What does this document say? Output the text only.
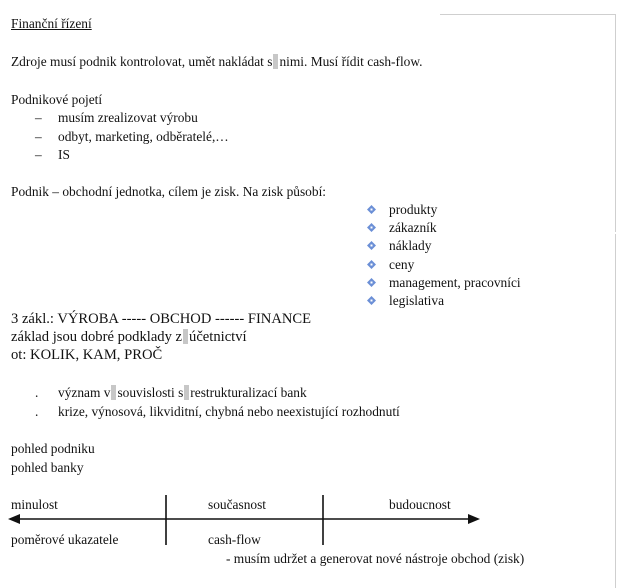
Finanční řízení
Zdroje musí podnik kontrolovat, umět nakládat s nimi. Musí řídit cash-flow.
Podnikové pojetí
– musím zrealizovat výrobu
– odbyt, marketing, odběratelé,…
– IS
Podnik – obchodní jednotka, cílem je zisk. Na zisk působí:
produkty
zákazník
náklady
ceny
management, pracovníci
legislativa
3 zákl.: VÝROBA ----- OBCHOD ------ FINANCE
základ jsou dobré podklady z účetnictví
ot: KOLIK, KAM, PROČ
. význam v souvislosti s restrukturalizací bank
. krize, výnosová, likviditní, chybná nebo neexistující rozhodnutí
pohled podniku
pohled banky
minulost	současnost	budoucnost
poměrové ukazatele	cash-flow
- musím udržet a generovat nové nástroje obchod (zisk)
